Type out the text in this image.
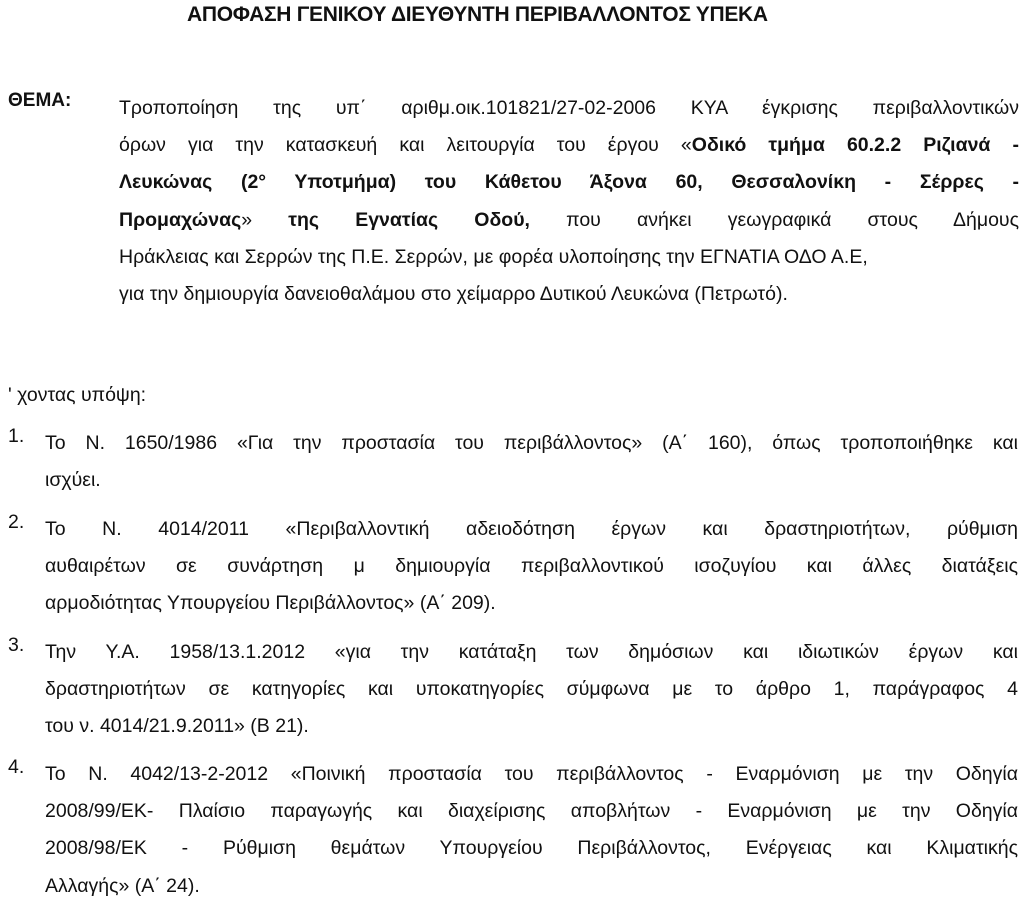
ΑΠΟΦΑΣΗ ΓΕΝΙΚΟΥ ΔΙΕΥΘΥΝΤΗ ΠΕΡΙΒΑΛΛΟΝΤΟΣ ΥΠΕΚΑ
ΘΕΜΑ: Τροποποίηση της υπ΄ αριθμ.οικ.101821/27-02-2006 ΚΥΑ έγκρισης περιβαλλοντικών
όρων για την κατασκευή και λειτουργία του έργου «Οδικό τμήμα 60.2.2 Ριζιανά -
Λευκώνας (2° Υποτμήμα) του Κάθετου Άξονα 60, Θεσσαλονίκη - Σέρρες -
Προμαχώνας» της Εγνατίας Οδού, που ανήκει γεωγραφικά στους Δήμους
Ηράκλειας και Σερρών της Π.Ε. Σερρών, με φορέα υλοποίησης την ΕΓΝΑΤΙΑ ΟΔΟ Α.Ε,
για την δημιουργία δανειοθαλάμου στο χείμαρρο Δυτικού Λευκώνα (Πετρωτό).
' χοντας υπόψη:
1. Το Ν. 1650/1986 «Για την προστασία του περιβάλλοντος» (Α΄ 160), όπως τροποποιήθηκε και
ισχύει.
2. Το Ν. 4014/2011 «Περιβαλλοντική αδειοδότηση έργων και δραστηριοτήτων, ρύθμιση
αυθαιρέτων σε συνάρτηση μ δημιουργία περιβαλλοντικού ισοζυγίου και άλλες διατάξεις
αρμοδιότητας Υπουργείου Περιβάλλοντος» (Α΄ 209).
3. Την Υ.Α. 1958/13.1.2012 «για την κατάταξη των δημόσιων και ιδιωτικών έργων και
δραστηριοτήτων σε κατηγορίες και υποκατηγορίες σύμφωνα με το άρθρο 1, παράγραφος 4
του ν. 4014/21.9.2011» (Β 21).
4. Το Ν. 4042/13-2-2012 «Ποινική προστασία του περιβάλλοντος - Εναρμόνιση με την Οδηγία
2008/99/ΕΚ- Πλαίσιο παραγωγής και διαχείρισης αποβλήτων - Εναρμόνιση με την Οδηγία
2008/98/ΕΚ - Ρύθμιση θεμάτων Υπουργείου Περιβάλλοντος, Ενέργειας και Κλιματικής
Αλλαγής» (Α΄ 24).
